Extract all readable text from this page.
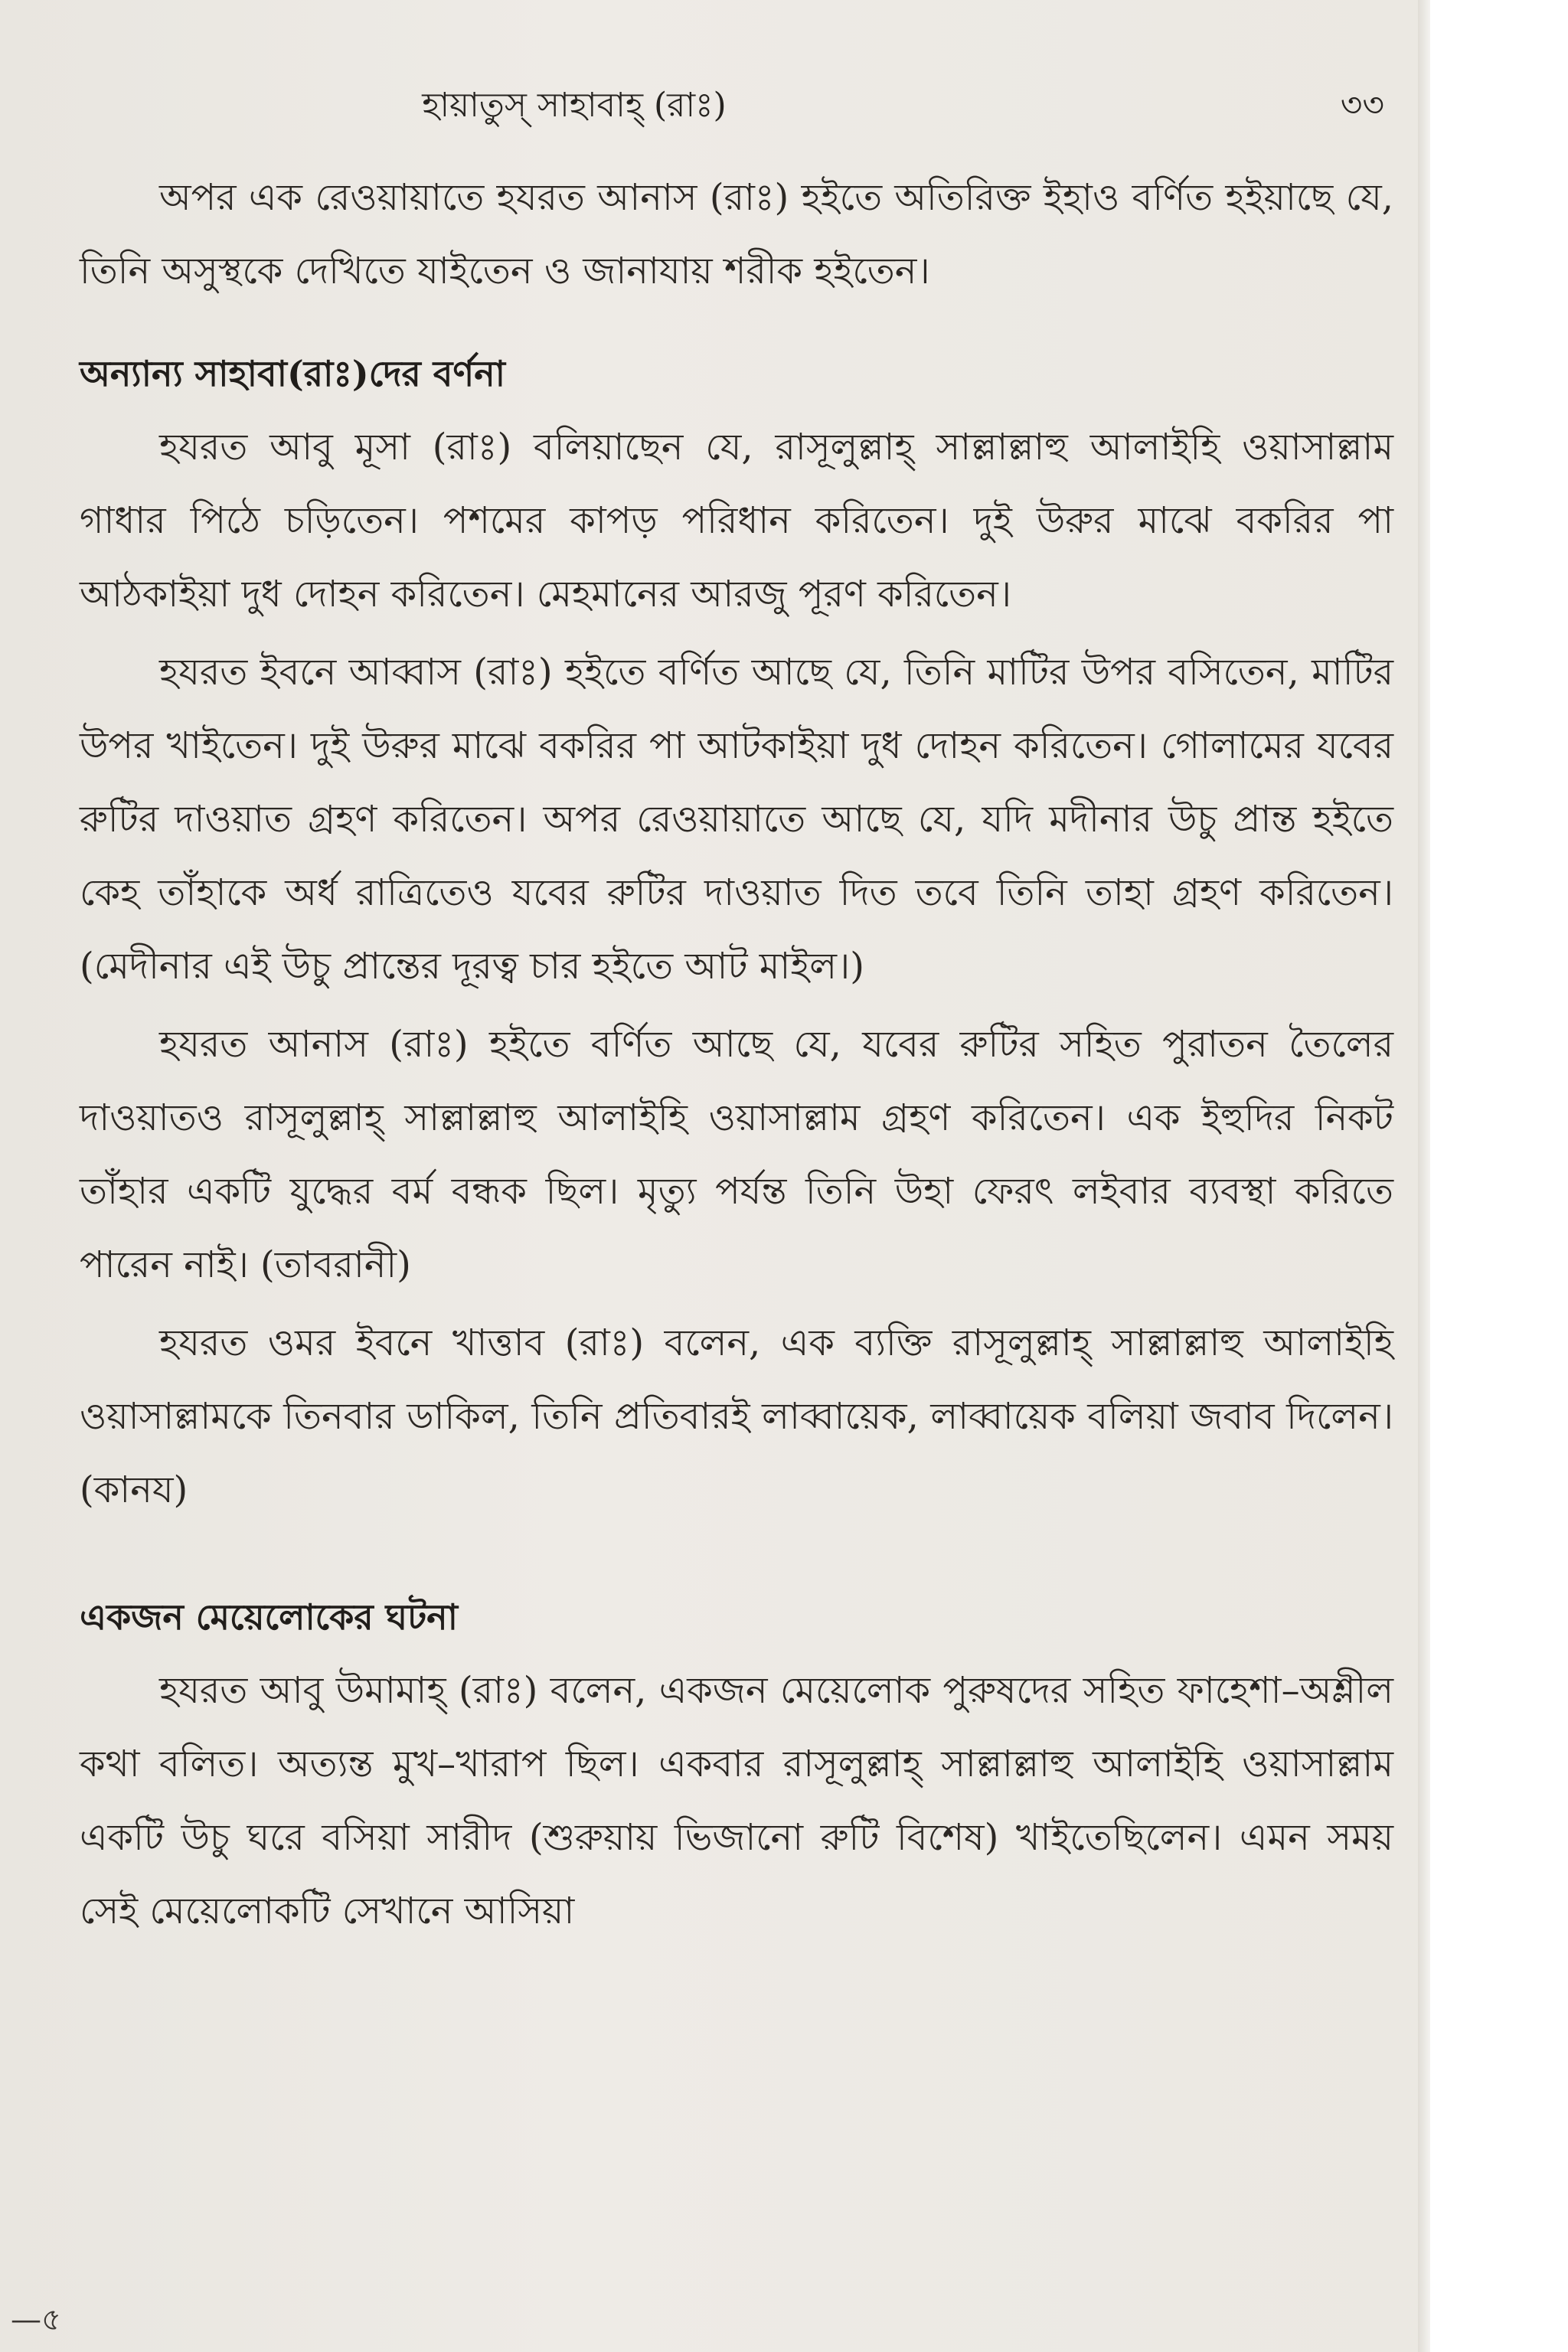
হায়াতুস্ সাহাবাহ্ (রাঃ)	৩৩

অপর এক রেওয়ায়াতে হযরত আনাস (রাঃ) হইতে অতিরিক্ত ইহাও বর্ণিত হইয়াছে যে, তিনি অসুস্থকে দেখিতে যাইতেন ও জানাযায় শরীক হইতেন।

অন্যান্য সাহাবা(রাঃ)দের বর্ণনা

হযরত আবু মূসা (রাঃ) বলিয়াছেন যে, রাসূলুল্লাহ্ সাল্লাল্লাহু আলাইহি ওয়াসাল্লাম গাধার পিঠে চড়িতেন। পশমের কাপড় পরিধান করিতেন। দুই উরুর মাঝে বকরির পা আঠকাইয়া দুধ দোহন করিতেন। মেহমানের আরজু পূরণ করিতেন।

হযরত ইবনে আব্বাস (রাঃ) হইতে বর্ণিত আছে যে, তিনি মাটির উপর বসিতেন, মাটির উপর খাইতেন। দুই উরুর মাঝে বকরির পা আটকাইয়া দুধ দোহন করিতেন। গোলামের যবের রুটির দাওয়াত গ্রহণ করিতেন। অপর রেওয়ায়াতে আছে যে, যদি মদীনার উচু প্রান্ত হইতে কেহ তাঁহাকে অর্ধ রাত্রিতেও যবের রুটির দাওয়াত দিত তবে তিনি তাহা গ্রহণ করিতেন। (মেদীনার এই উচু প্রান্তের দূরত্ব চার হইতে আট মাইল।)

হযরত আনাস (রাঃ) হইতে বর্ণিত আছে যে, যবের রুটির সহিত পুরাতন তৈলের দাওয়াতও রাসূলুল্লাহ্ সাল্লাল্লাহু আলাইহি ওয়াসাল্লাম গ্রহণ করিতেন। এক ইহুদির নিকট তাঁহার একটি যুদ্ধের বর্ম বন্ধক ছিল। মৃত্যু পর্যন্ত তিনি উহা ফেরৎ লইবার ব্যবস্থা করিতে পারেন নাই। (তাবরানী)

হযরত ওমর ইবনে খাত্তাব (রাঃ) বলেন, এক ব্যক্তি রাসূলুল্লাহ্ সাল্লাল্লাহু আলাইহি ওয়াসাল্লামকে তিনবার ডাকিল, তিনি প্রতিবারই লাব্বায়েক, লাব্বায়েক বলিয়া জবাব দিলেন। (কানয)

একজন মেয়েলোকের ঘটনা

হযরত আবু উমামাহ্ (রাঃ) বলেন, একজন মেয়েলোক পুরুষদের সহিত ফাহেশা–অশ্লীল কথা বলিত। অত্যন্ত মুখ–খারাপ ছিল। একবার রাসূলুল্লাহ্ সাল্লাল্লাহু আলাইহি ওয়াসাল্লাম একটি উচু ঘরে বসিয়া সারীদ (শুরুয়ায় ভিজানো রুটি বিশেষ) খাইতেছিলেন। এমন সময় সেই মেয়েলোকটি সেখানে আসিয়া

—৫
